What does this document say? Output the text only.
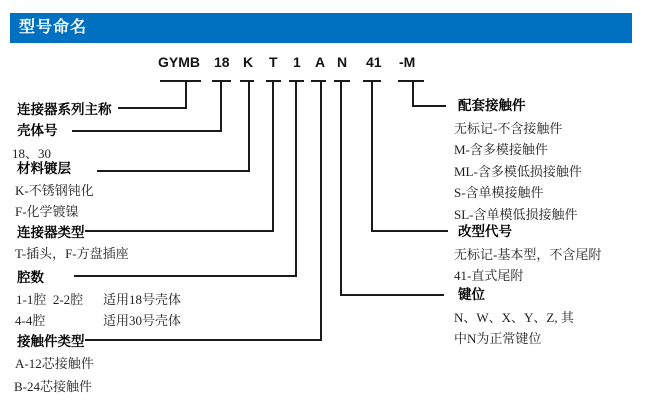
型号命名
GYMB 18 K T 1 A N 41 -M
连接器系列主称
壳体号
18、30
材料镀层
K-不锈钢钝化
F-化学镀镍
连接器类型
T-插头，F-方盘插座
腔数
1-1腔  2-2腔 适用18号壳体
4-4腔	适用30号壳体
接触件类型
A-12芯接触件
B-24芯接触件
配套接触件
无标记-不含接触件
M-含多模接触件
ML-含多模低损接触件
S-含单模接触件
SL-含单模低损接触件
改型代号
无标记-基本型，不含尾附
41-直式尾附
键位
N、W、X、Y、Z, 其
中N为正常键位
